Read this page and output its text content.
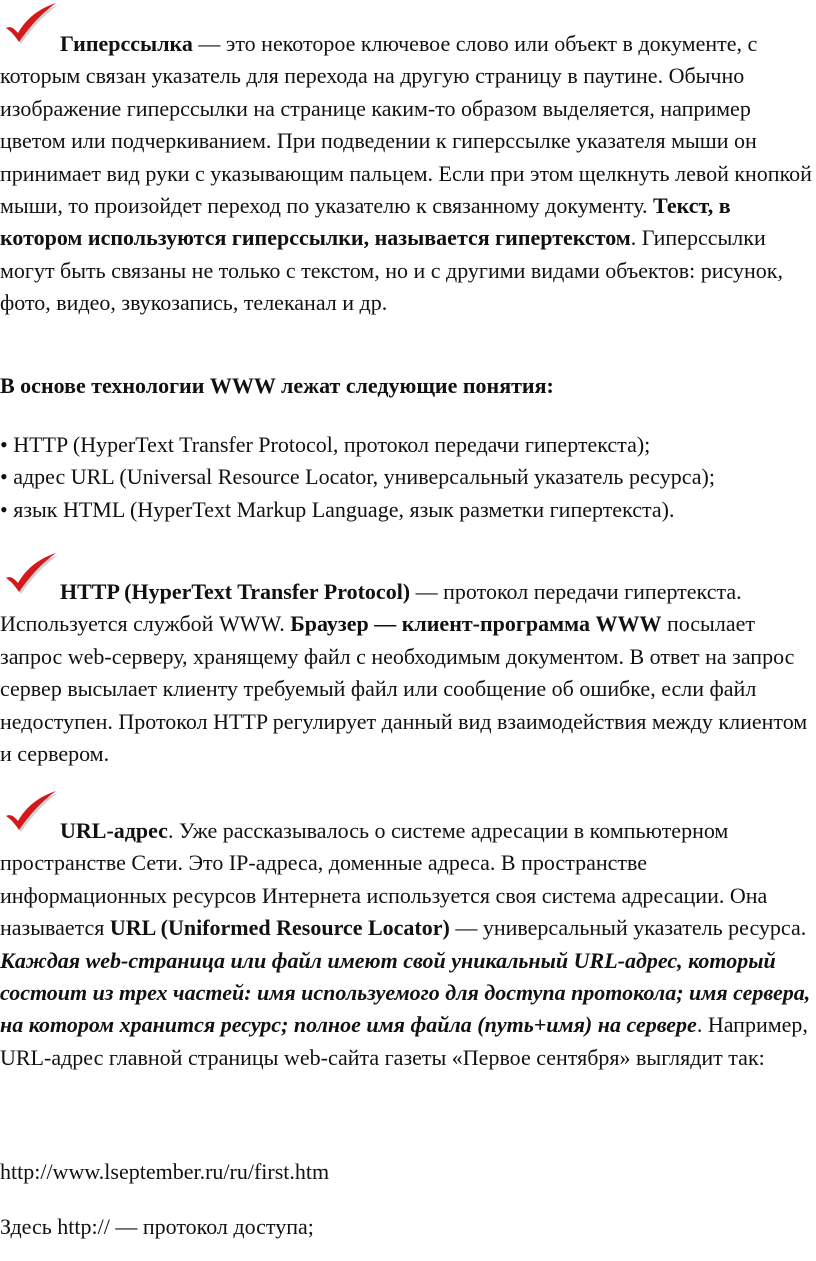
Гиперссылка — это некоторое ключевое слово или объект в документе, с которым связан указатель для перехода на другую страницу в паутине. Обычно изображение гиперссылки на странице каким-то образом выделяется, например цветом или подчеркиванием. При подведении к гиперссылке указателя мыши он принимает вид руки с указывающим пальцем. Если при этом щелкнуть левой кнопкой мыши, то произойдет переход по указателю к связанному документу. Текст, в котором используются гиперссылки, называется гипертекстом. Гиперссылки могут быть связаны не только с текстом, но и с другими видами объектов: рисунок, фото, видео, звукозапись, телеканал и др.

В основе технологии WWW лежат следующие понятия:

• HTTP (HyperText Transfer Protocol, протокол передачи гипертекста);
• адрес URL (Universal Resource Locator, универсальный указатель ресурса);
• язык HTML (HyperText Markup Language, язык разметки гипертекста).

HTTP (HyperText Transfer Protocol) — протокол передачи гипертекста. Используется службой WWW. Браузер — клиент-программа WWW посылает запрос web-серверу, хранящему файл с необходимым документом. В ответ на запрос сервер высылает клиенту требуемый файл или сообщение об ошибке, если файл недоступен. Протокол HTTP регулирует данный вид взаимодействия между клиентом и сервером.

URL-адрес. Уже рассказывалось о системе адресации в компьютерном пространстве Сети. Это IP-адреса, доменные адреса. В пространстве информационных ресурсов Интернета используется своя система адресации. Она называется URL (Uniformed Resource Locator) — универсальный указатель ресурса. Каждая web-страница или файл имеют свой уникальный URL-адрес, который состоит из трех частей: имя используемого для доступа протокола; имя сервера, на котором хранится ресурс; полное имя файла (путь+имя) на сервере. Например, URL-адрес главной страницы web-сайта газеты «Первое сентября» выглядит так:

http://www.lseptember.ru/ru/first.htm

Здесь http:// — протокол доступа;
